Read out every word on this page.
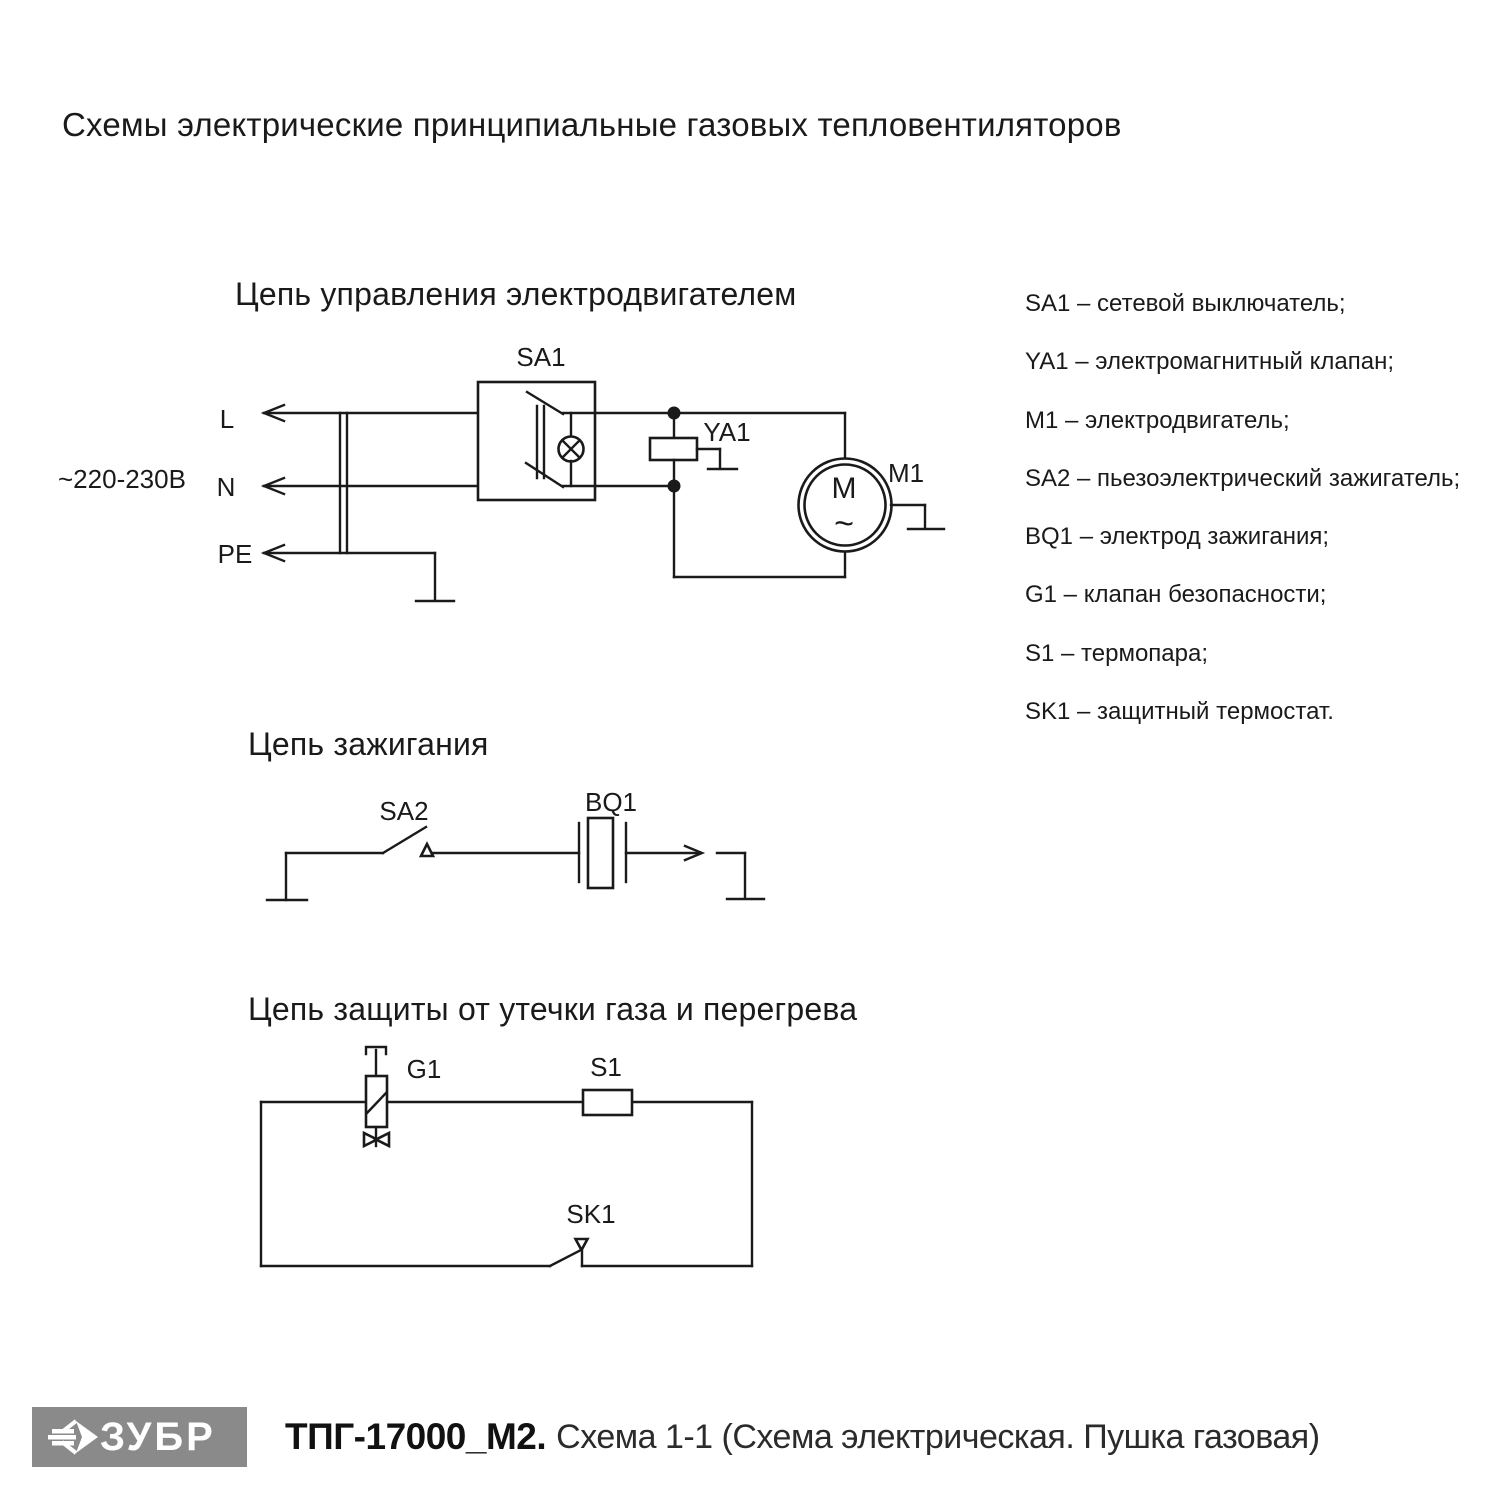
Схемы электрические принципиальные газовых тепловентиляторов
Цепь управления электродвигателем
Цепь зажигания
Цепь защиты от утечки газа и перегрева
SA1 – сетевой выключатель;
YA1 – электромагнитный клапан;
M1 – электродвигатель;
SA2 – пьезоэлектрический зажигатель;
BQ1 – электрод зажигания;
G1 – клапан безопасности;
S1 – термопара;
SK1 – защитный термостат.
M
~
L
N
PE
~220-230В
SA1
YA1
M1
SA2	BQ1
G1	S1
SK1
ЗУБР ТПГ-17000_М2. Схема 1-1 (Схема электрическая. Пушка газовая)
